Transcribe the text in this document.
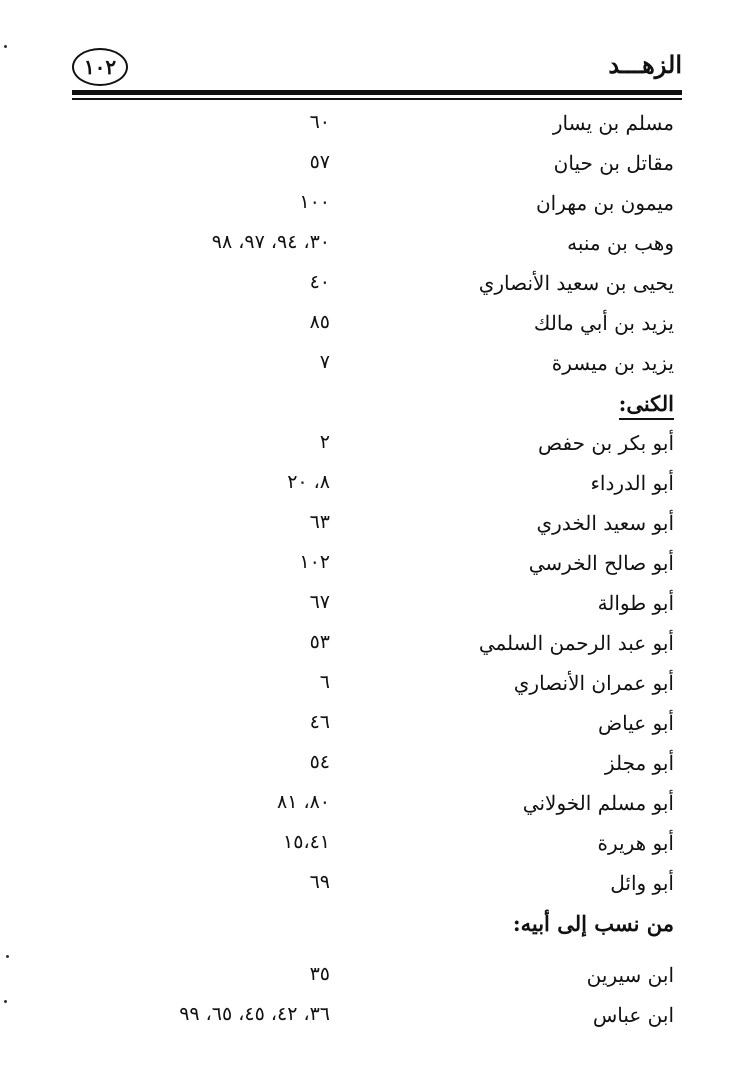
١٠٢	الزهـــد
مسلم بن يسار
٦٠
مقاتل بن حيان
٥٧
ميمون بن مهران
١٠٠
وهب بن منبه
٣٠، ٩٤، ٩٧، ٩٨
يحيى بن سعيد الأنصاري
٤٠
يزيد بن أبي مالك
٨٥
يزيد بن ميسرة
٧
الكنى:
أبو بكر بن حفص
٢
أبو الدرداء
٨، ٢٠
أبو سعيد الخدري
٦٣
أبو صالح الخرسي
١٠٢
أبو طوالة
٦٧
أبو عبد الرحمن السلمي
٥٣
أبو عمران الأنصاري
٦
أبو عياض
٤٦
أبو مجلز
٥٤
أبو مسلم الخولاني
٨٠، ٨١
أبو هريرة
١٥،٤١
أبو وائل
٦٩
من نسب إلى أبيه:
ابن سيرين
٣٥
ابن عباس
٣٦، ٤٢، ٤٥، ٦٥، ٩٩
